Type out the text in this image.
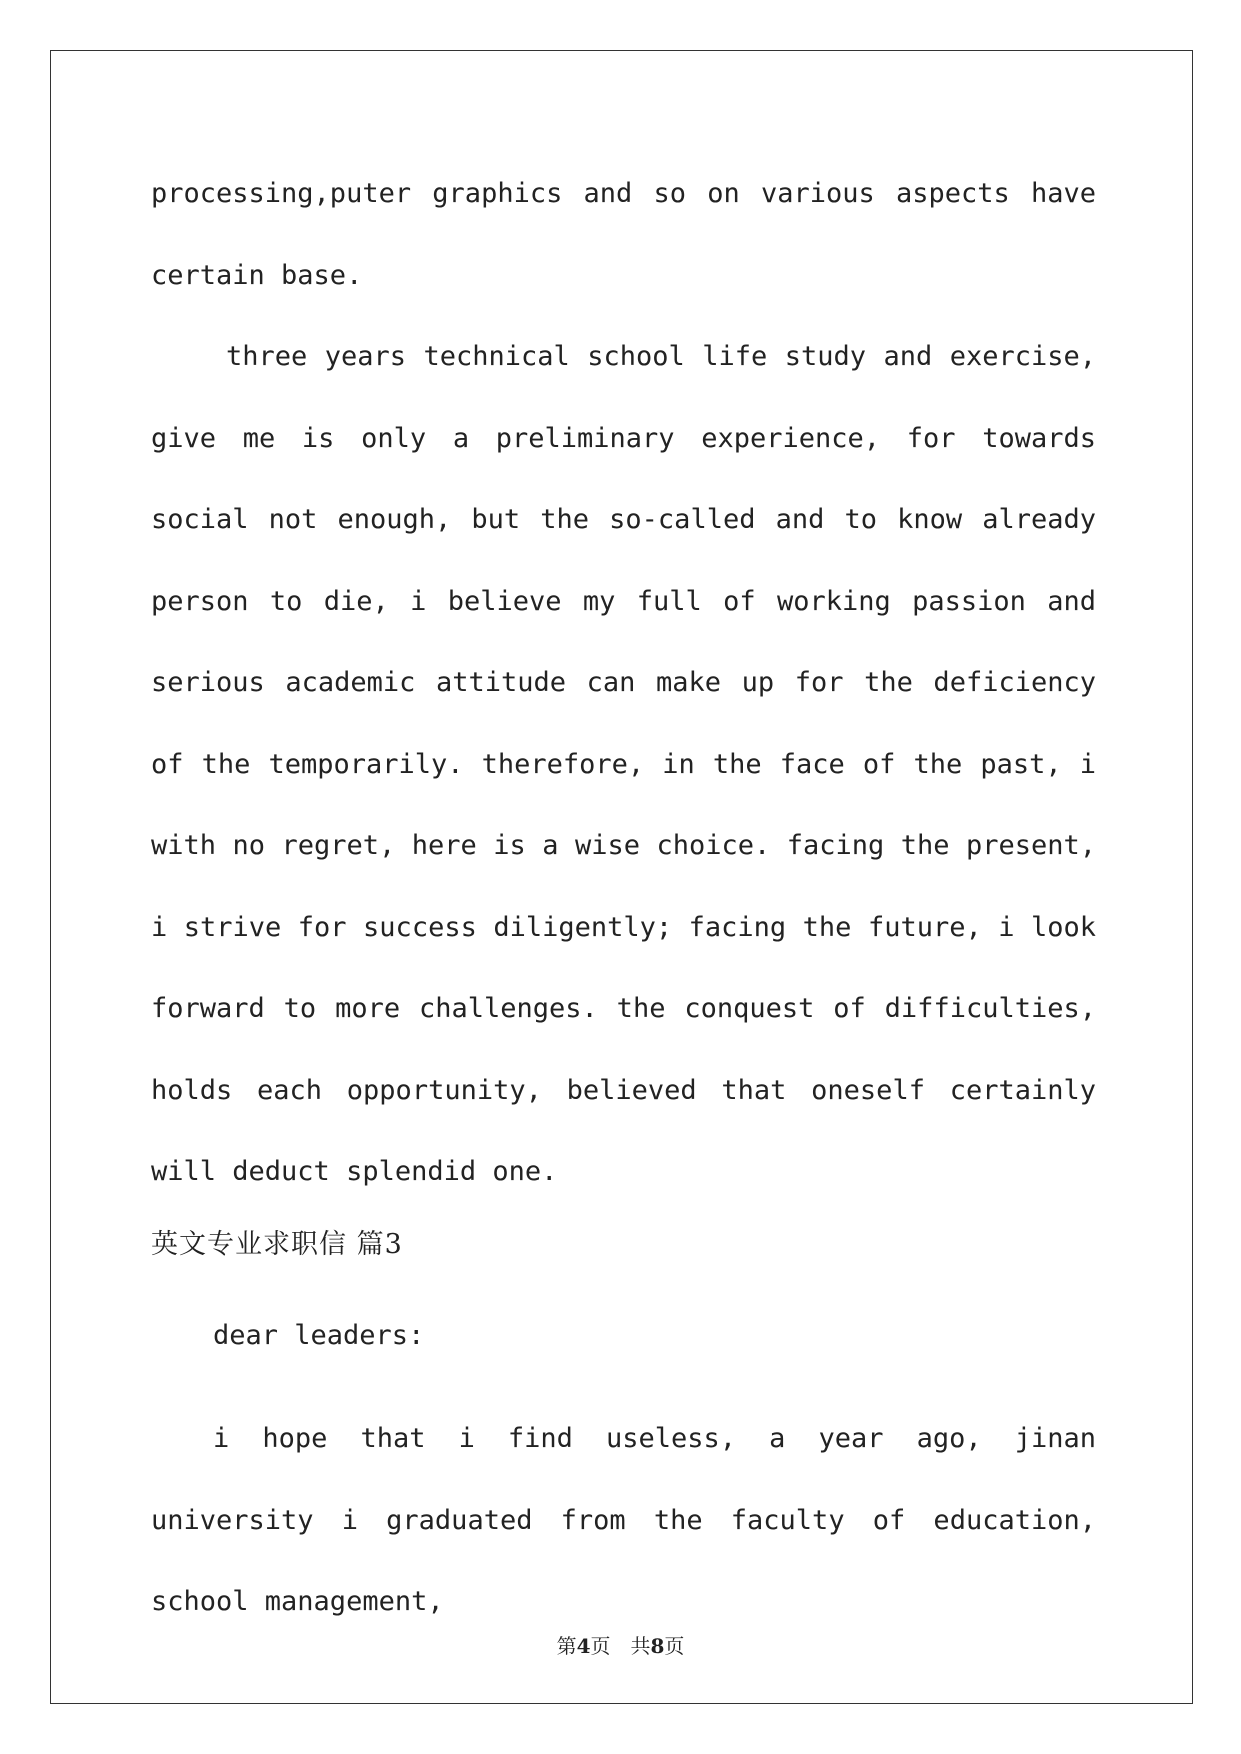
processing,puter graphics and so on various aspects have certain base.
three years technical school life study and exercise, give me is only a preliminary experience, for towards social not enough, but the so-called and to know already person to die, i believe my full of working passion and serious academic attitude can make up for the deficiency of the temporarily. therefore, in the face of the past, i with no regret, here is a wise choice. facing the present, i strive for success diligently; facing the future, i look forward to more challenges. the conquest of difficulties, holds each opportunity, believed that oneself certainly will deduct splendid one.
英文专业求职信 篇3
dear leaders:
i hope that i find useless, a year ago, jinan university i graduated from the faculty of education, school management,
第4页　共8页
